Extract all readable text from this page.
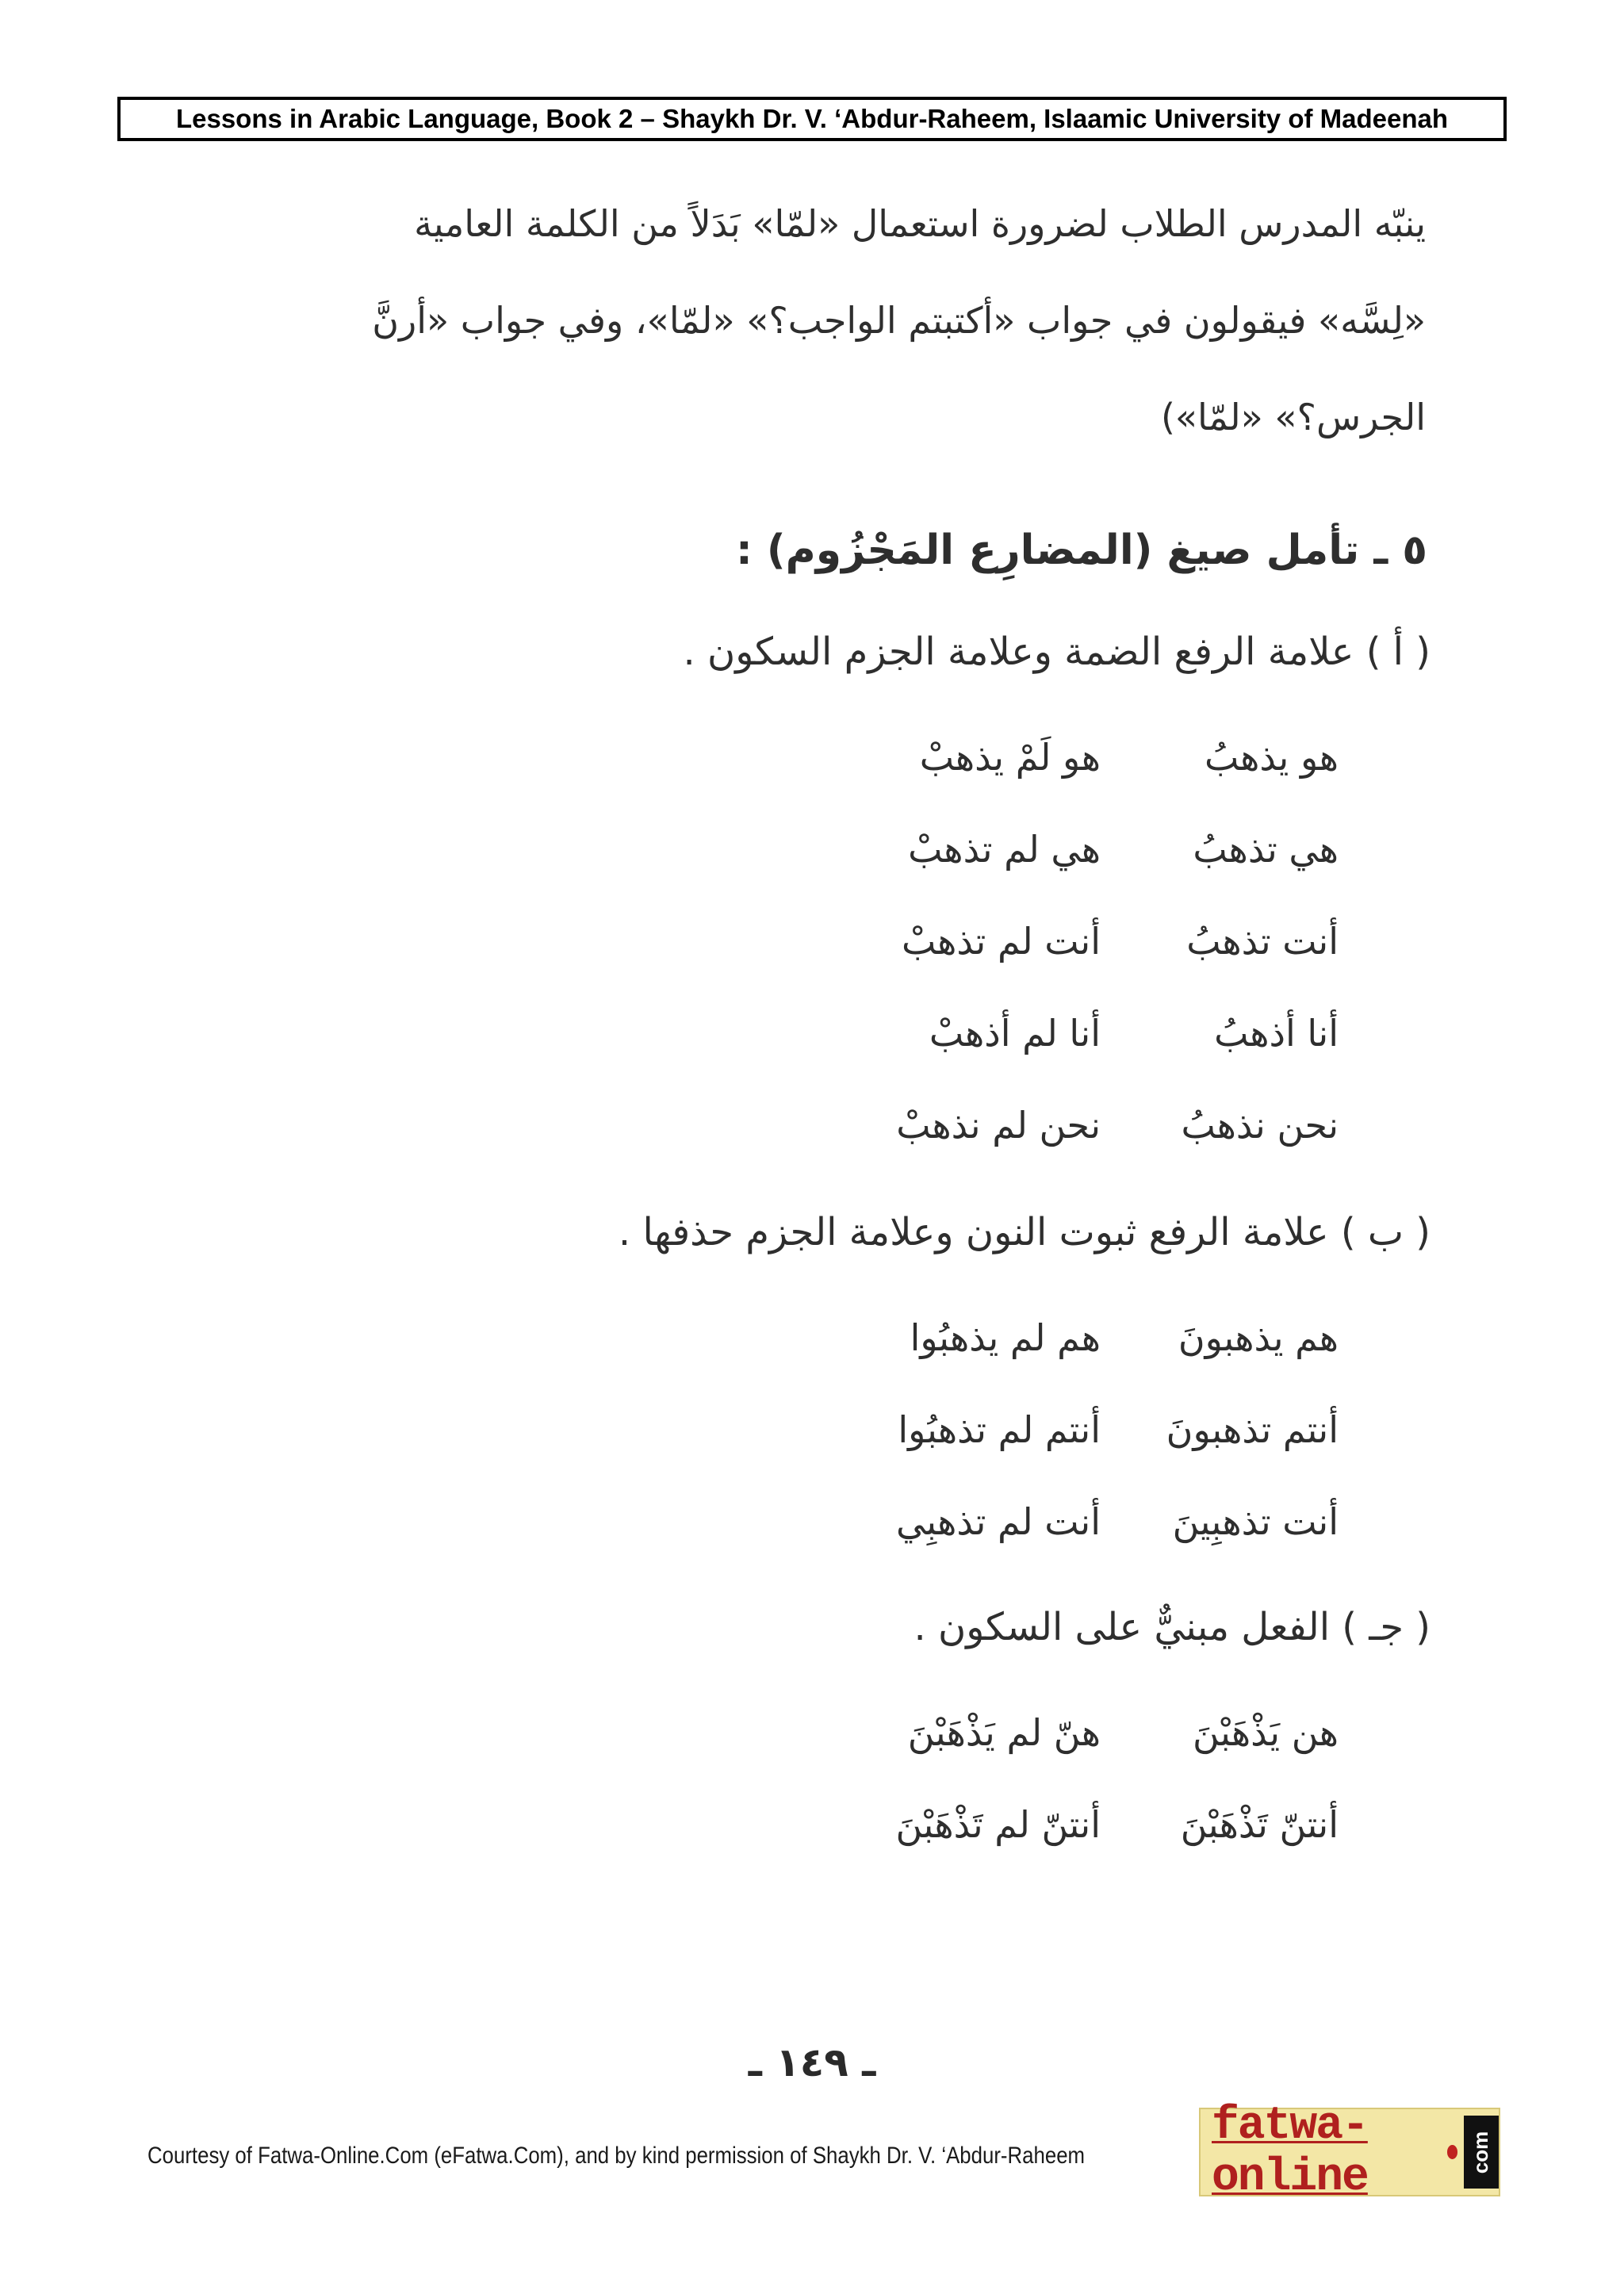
Lessons in Arabic Language, Book 2 – Shaykh Dr. V. ‘Abdur-Raheem, Islaamic University of Madeenah
ينبّه المدرس الطلاب لضرورة استعمال «لمّا» بَدَلاً من الكلمة العامية
«لِسَّه» فيقولون في جواب «أكتبتم الواجب؟» «لمّا»، وفي جواب «أرنَّ
الجرس؟» «لمّا»)
٥ ـ تأمل صيغ (المضارِع المَجْزُوم) :
( أ ) علامة الرفع الضمة وعلامة الجزم السكون .
هو يذهبُ
هو لَمْ يذهبْ
هي تذهبُ
هي لم تذهبْ
أنت تذهبُ
أنت لم تذهبْ
أنا أذهبُ
أنا لم أذهبْ
نحن نذهبُ
نحن لم نذهبْ
( ب ) علامة الرفع ثبوت النون وعلامة الجزم حذفها .
هم يذهبونَ
هم لم يذهبُوا
أنتم تذهبونَ
أنتم لم تذهبُوا
أنت تذهبِينَ
أنت لم تذهبِي
( جـ ) الفعل مبنيٌّ على السكون .
هن يَذْهَبْنَ
هنّ لم يَذْهَبْنَ
أنتنّ تَذْهَبْنَ
أنتنّ لم تَذْهَبْنَ
ـ ١٤٩ ـ
Courtesy of Fatwa-Online.Com (eFatwa.Com), and by kind permission of Shaykh Dr. V. ‘Abdur-Raheem
fatwa-online	com
